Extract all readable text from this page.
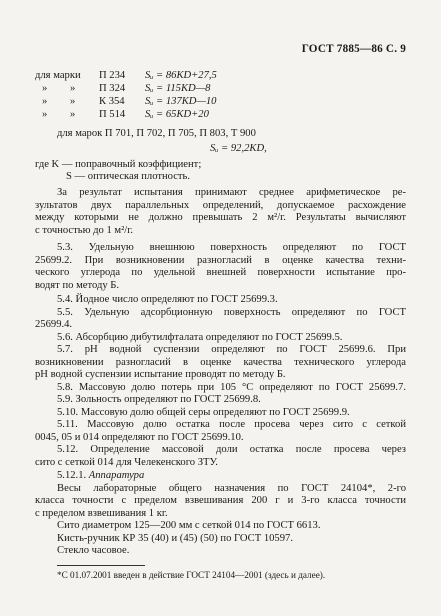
ГОСТ 7885—86 С. 9
для марки П 234 Sᵤ = 86KD+27,5
» » П 324 Sᵤ = 115KD—8
» » К 354 Sᵤ = 137KD—10
» » П 514 Sᵤ = 65KD+20
для марок П 701, П 702, П 705, П 803, Т 900
Sᵤ = 92,2KD,
где K — поправочный коэффициент;
S — оптическая плотность.
За результат испытания принимают среднее арифметическое ре-
зультатов двух параллельных определений, допускаемое расхождение
между которыми не должно превышать 2 м²/г. Результаты вычисляют
с точностью до 1 м²/г.
5.3. Удельную внешнюю поверхность определяют по ГОСТ
25699.2. При возникновении разногласий в оценке качества техни-
ческого углерода по удельной внешней поверхности испытание про-
водят по методу Б.
5.4. Йодное число определяют по ГОСТ 25699.3.
5.5. Удельную адсорбционную поверхность определяют по ГОСТ
25699.4.
5.6. Абсорбцию дибутилфталата определяют по ГОСТ 25699.5.
5.7. pH водной суспензии определяют по ГОСТ 25699.6. При
возникновении разногласий в оценке качества технического углерода
pH водной суспензии испытание проводят по методу Б.
5.8. Массовую долю потерь при 105 °С определяют по ГОСТ 25699.7.
5.9. Зольность определяют по ГОСТ 25699.8.
5.10. Массовую долю общей серы определяют по ГОСТ 25699.9.
5.11. Массовую долю остатка после просева через сито с сеткой
0045, 05 и 014 определяют по ГОСТ 25699.10.
5.12. Определение массовой доли остатка после просева через
сито с сеткой 014 для Челекенского ЗТУ.
5.12.1. Аппаратура
Весы лабораторные общего назначения по ГОСТ 24104*, 2-го
класса точности с пределом взвешивания 200 г и 3-го класса точности
с пределом взвешивания 1 кг.
Сито диаметром 125—200 мм с сеткой 014 по ГОСТ 6613.
Кисть-ручник КР 35 (40) и (45) (50) по ГОСТ 10597.
Стекло часовое.
*С 01.07.2001 введен в действие ГОСТ 24104—2001 (здесь и далее).
